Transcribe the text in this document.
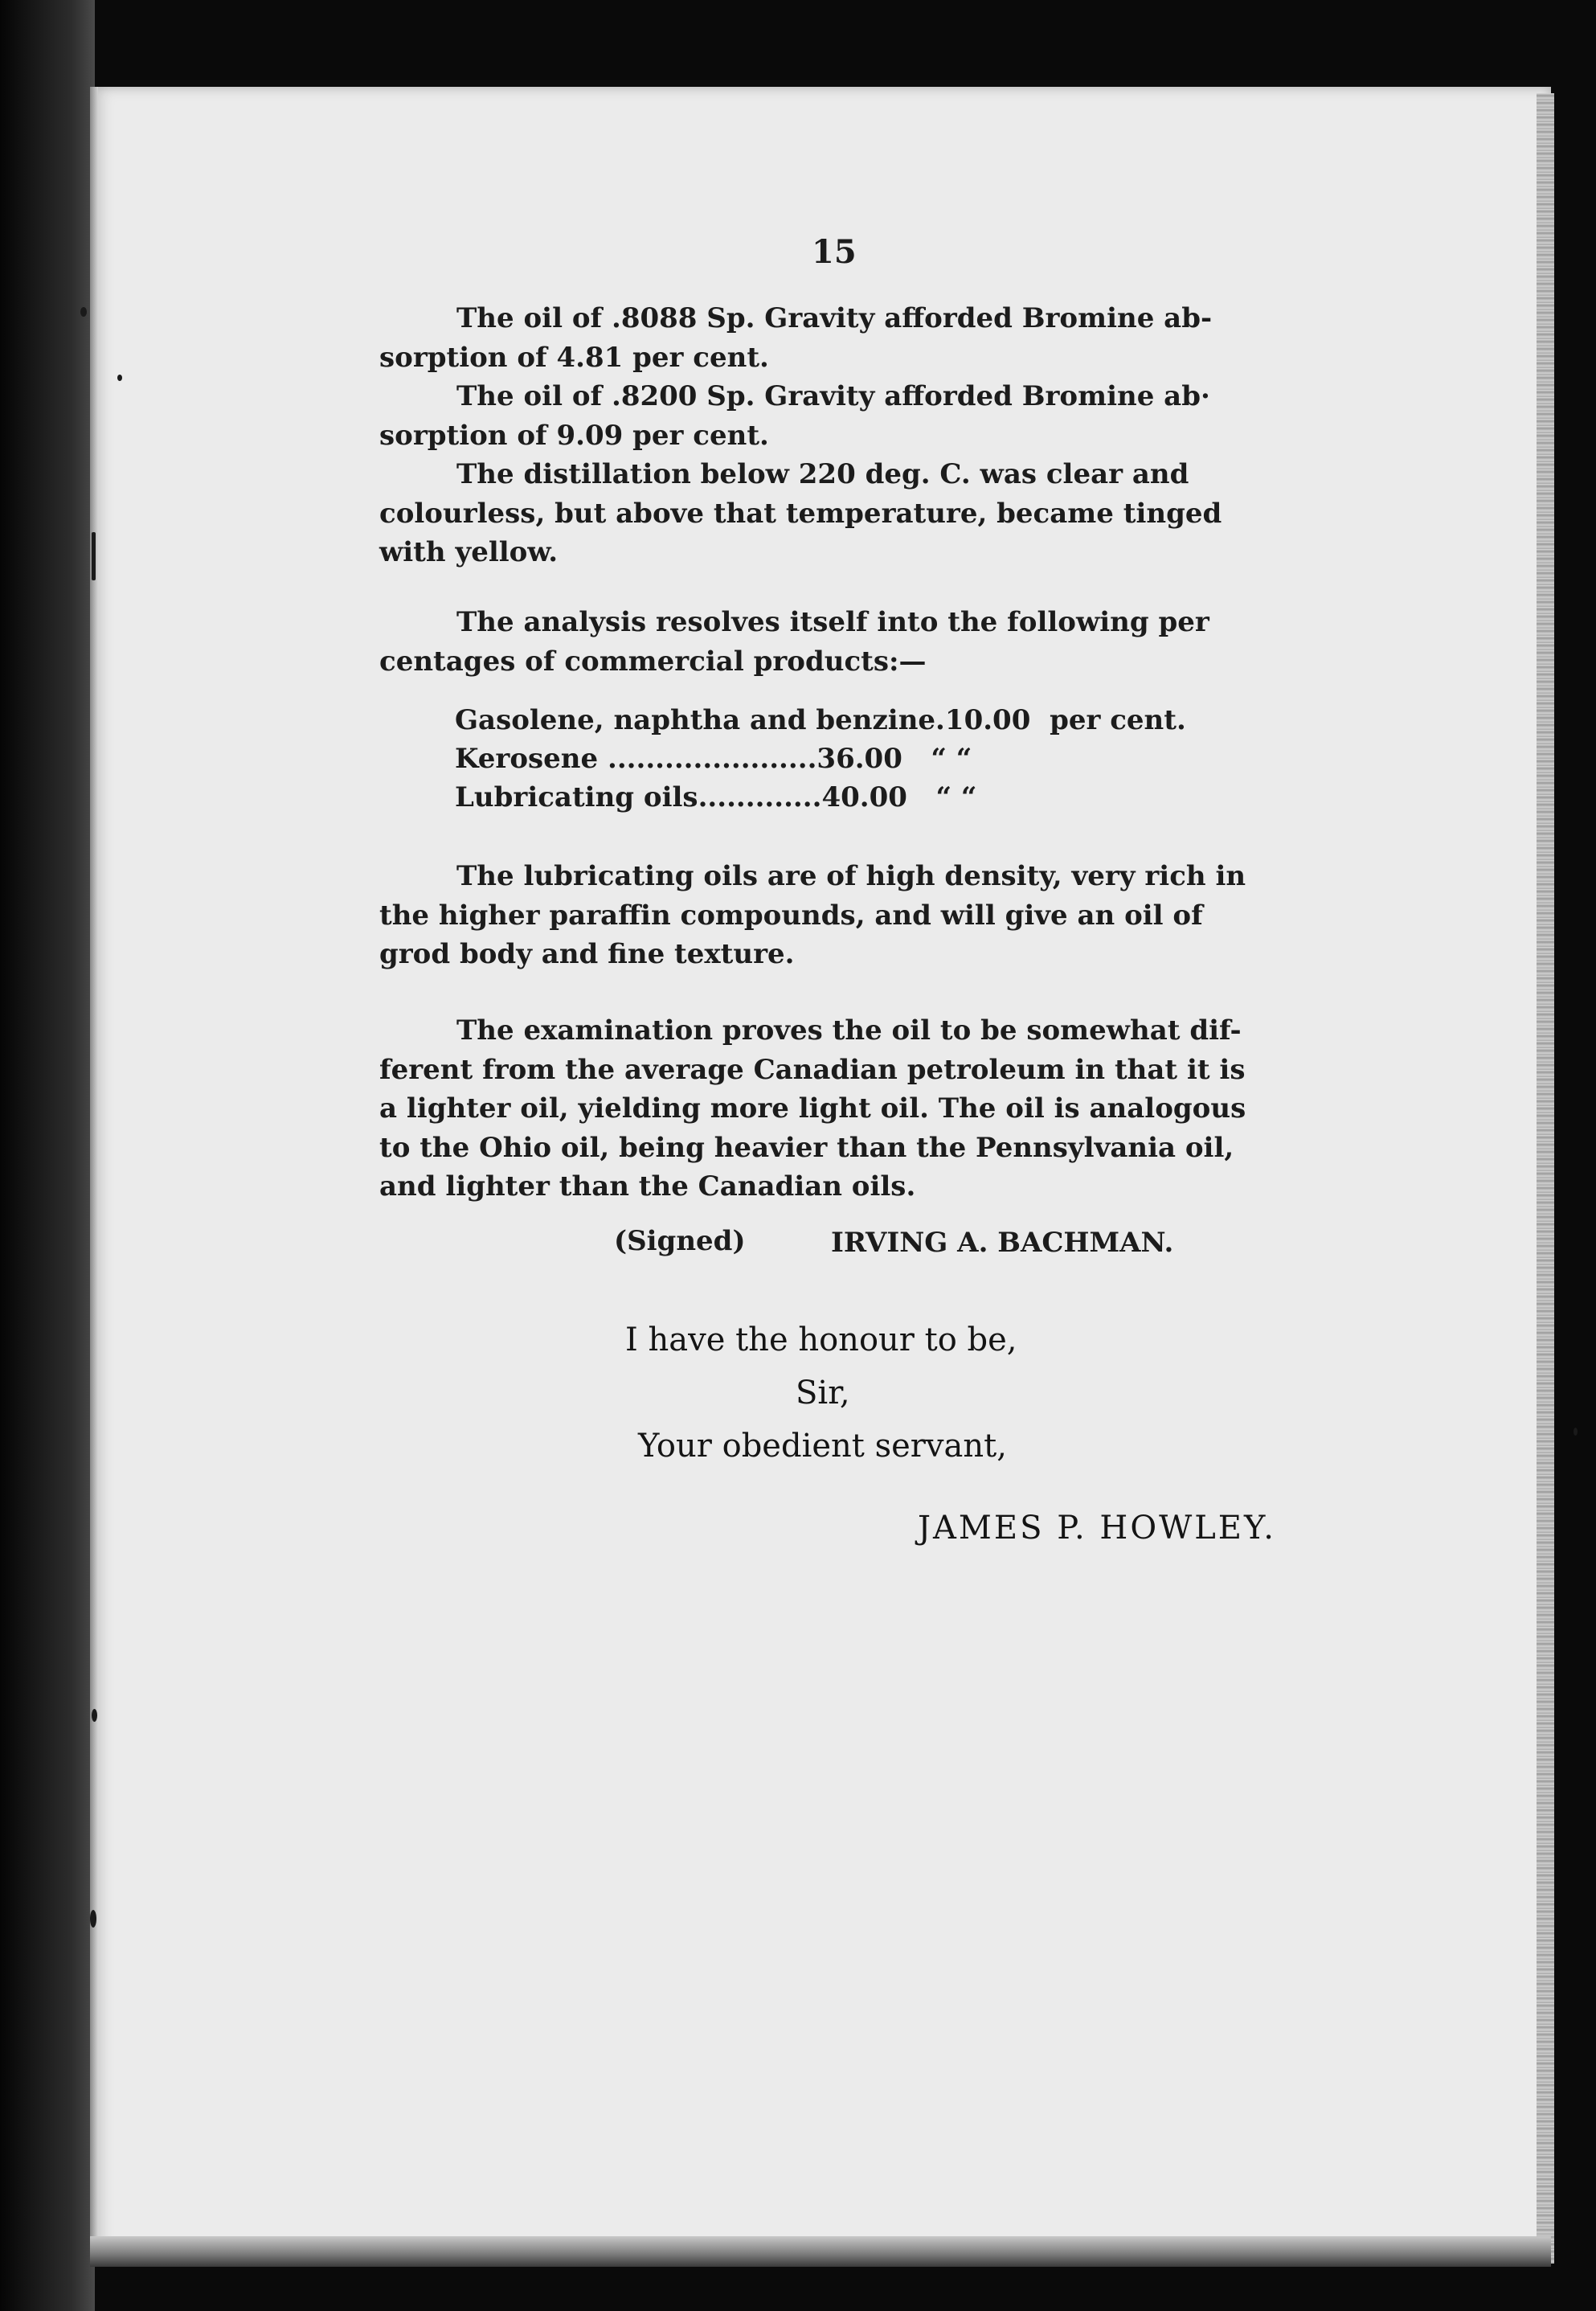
15
The oil of .8088 Sp. Gravity afforded Bromine ab-
sorption of 4.81 per cent.
The oil of .8200 Sp. Gravity afforded Bromine ab·
sorption of 9.09 per cent.
The distillation below 220 deg. C. was clear and
colourless, but above that temperature, became tinged
with yellow.
The analysis resolves itself into the following per
centages of commercial products:—
Gasolene, naphtha and benzine.10.00 per cent.
Kerosene ......................36.00 “ “
Lubricating oils.............40.00 “ “
The lubricating oils are of high density, very rich in
the higher paraffin compounds, and will give an oil of
grod body and fine texture.
The examination proves the oil to be somewhat dif-
ferent from the average Canadian petroleum in that it is
a lighter oil, yielding more light oil. The oil is analogous
to the Ohio oil, being heavier than the Pennsylvania oil,
and lighter than the Canadian oils.
(Signed)	IRVING A. BACHMAN.
I have the honour to be,
Sir,
Your obedient servant,
JAMES P. HOWLEY.
